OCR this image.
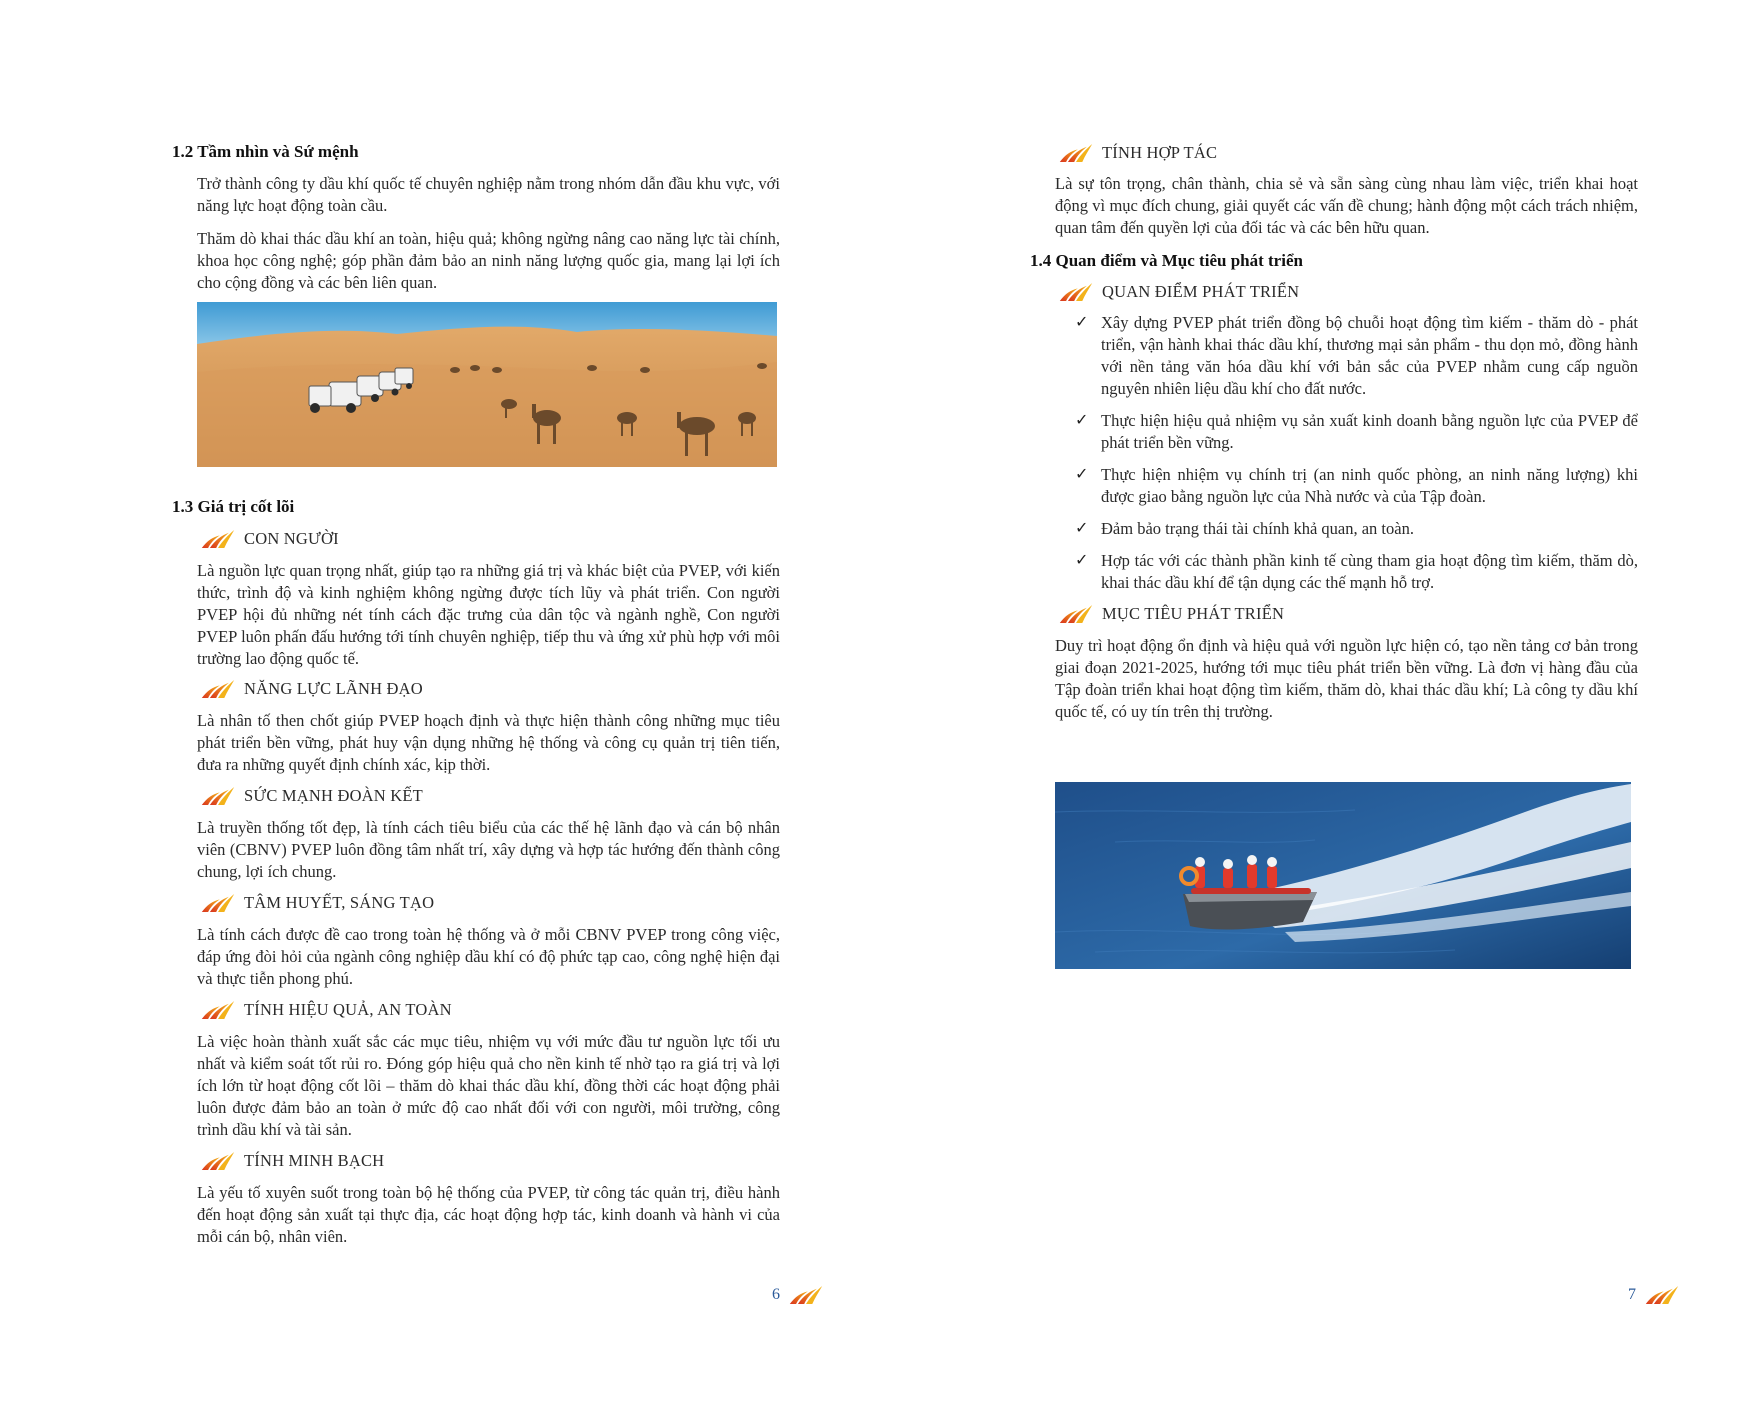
1.2 Tầm nhìn và Sứ mệnh
Trở thành công ty dầu khí quốc tế chuyên nghiệp nằm trong nhóm dẫn đầu khu vực, với năng lực hoạt động toàn cầu.
Thăm dò khai thác dầu khí an toàn, hiệu quả; không ngừng nâng cao năng lực tài chính, khoa học công nghệ; góp phần đảm bảo an ninh năng lượng quốc gia, mang lại lợi ích cho cộng đồng và các bên liên quan.
1.3 Giá trị cốt lõi
CON NGƯỜI
Là nguồn lực quan trọng nhất, giúp tạo ra những giá trị và khác biệt của PVEP, với kiến thức, trình độ và kinh nghiệm không ngừng được tích lũy và phát triển. Con người PVEP hội đủ những nét tính cách đặc trưng của dân tộc và ngành nghề, Con người PVEP luôn phấn đấu hướng tới tính chuyên nghiệp, tiếp thu và ứng xử phù hợp với môi trường lao động quốc tế.
NĂNG LỰC LÃNH ĐẠO
Là nhân tố then chốt giúp PVEP hoạch định và thực hiện thành công những mục tiêu phát triển bền vững, phát huy vận dụng những hệ thống và công cụ quản trị tiên tiến, đưa ra những quyết định chính xác, kịp thời.
SỨC MẠNH ĐOÀN KẾT
Là truyền thống tốt đẹp, là tính cách tiêu biểu của các thế hệ lãnh đạo và cán bộ nhân viên (CBNV) PVEP luôn đồng tâm nhất trí, xây dựng và hợp tác hướng đến thành công chung, lợi ích chung.
TÂM HUYẾT, SÁNG TẠO
Là tính cách được đề cao trong toàn hệ thống và ở mỗi CBNV PVEP trong công việc, đáp ứng đòi hỏi của ngành công nghiệp dầu khí có độ phức tạp cao, công nghệ hiện đại và thực tiễn phong phú.
TÍNH HIỆU QUẢ, AN TOÀN
Là việc hoàn thành xuất sắc các mục tiêu, nhiệm vụ với mức đầu tư nguồn lực tối ưu nhất và kiểm soát tốt rủi ro. Đóng góp hiệu quả cho nền kinh tế nhờ tạo ra giá trị và lợi ích lớn từ hoạt động cốt lõi – thăm dò khai thác dầu khí, đồng thời các hoạt động phải luôn được đảm bảo an toàn ở mức độ cao nhất đối với con người, môi trường, công trình dầu khí và tài sản.
TÍNH MINH BẠCH
Là yếu tố xuyên suốt trong toàn bộ hệ thống của PVEP, từ công tác quản trị, điều hành đến hoạt động sản xuất tại thực địa, các hoạt động hợp tác, kinh doanh và hành vi của mỗi cán bộ, nhân viên.
6
TÍNH HỢP TÁC
Là sự tôn trọng, chân thành, chia sẻ và sẵn sàng cùng nhau làm việc, triển khai hoạt động vì mục đích chung, giải quyết các vấn đề chung; hành động một cách trách nhiệm, quan tâm đến quyền lợi của đối tác và các bên hữu quan.
1.4 Quan điểm và Mục tiêu phát triển
QUAN ĐIỂM PHÁT TRIỂN
✓ Xây dựng PVEP phát triển đồng bộ chuỗi hoạt động tìm kiếm - thăm dò - phát triển, vận hành khai thác dầu khí, thương mại sản phẩm - thu dọn mỏ, đồng hành với nền tảng văn hóa dầu khí với bản sắc của PVEP nhằm cung cấp nguồn nguyên nhiên liệu dầu khí cho đất nước.
✓ Thực hiện hiệu quả nhiệm vụ sản xuất kinh doanh bằng nguồn lực của PVEP để phát triển bền vững.
✓ Thực hiện nhiệm vụ chính trị (an ninh quốc phòng, an ninh năng lượng) khi được giao bằng nguồn lực của Nhà nước và của Tập đoàn.
✓ Đảm bảo trạng thái tài chính khả quan, an toàn.
✓ Hợp tác với các thành phần kinh tế cùng tham gia hoạt động tìm kiếm, thăm dò, khai thác dầu khí để tận dụng các thế mạnh hỗ trợ.
MỤC TIÊU PHÁT TRIỂN
Duy trì hoạt động ổn định và hiệu quả với nguồn lực hiện có, tạo nền tảng cơ bản trong giai đoạn 2021-2025, hướng tới mục tiêu phát triển bền vững. Là đơn vị hàng đầu của Tập đoàn triển khai hoạt động tìm kiếm, thăm dò, khai thác dầu khí; Là công ty dầu khí quốc tế, có uy tín trên thị trường.
7
